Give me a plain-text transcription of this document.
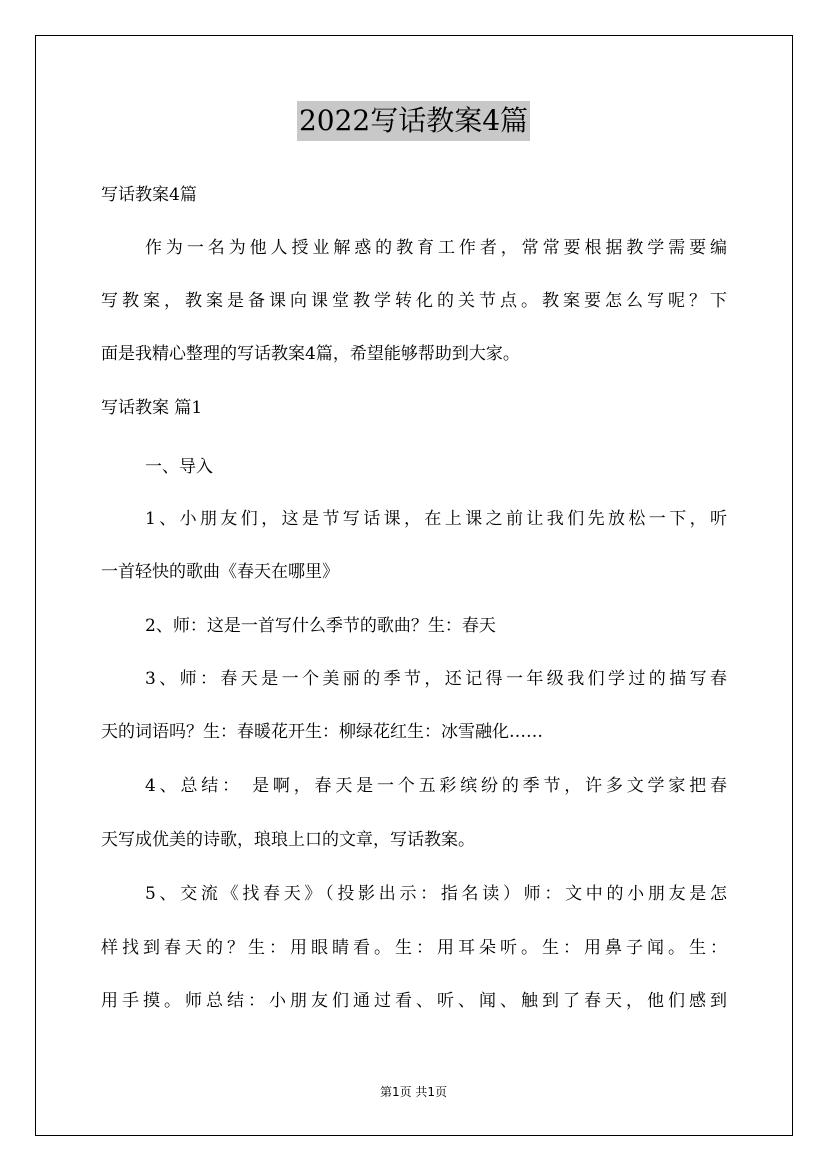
2022写话教案4篇
写话教案4篇
作为一名为他人授业解惑的教育工作者，常常要根据教学需要编
写教案，教案是备课向课堂教学转化的关节点。教案要怎么写呢？下
面是我精心整理的写话教案4篇，希望能够帮助到大家。
写话教案 篇1
一、导入
1、小朋友们，这是节写话课，在上课之前让我们先放松一下，听
一首轻快的歌曲《春天在哪里》
2、师：这是一首写什么季节的歌曲？生：春天
3、师：春天是一个美丽的季节，还记得一年级我们学过的描写春
天的词语吗？生：春暖花开生：柳绿花红生：冰雪融化……
4、总结： 是啊，春天是一个五彩缤纷的季节，许多文学家把春
天写成优美的诗歌，琅琅上口的文章，写话教案。
5、交流《找春天》（投影出示：指名读）师：文中的小朋友是怎
样找到春天的？生：用眼睛看。生：用耳朵听。生：用鼻子闻。生：
用手摸。师总结：小朋友们通过看、听、闻、触到了春天，他们感到
第1页 共1页
